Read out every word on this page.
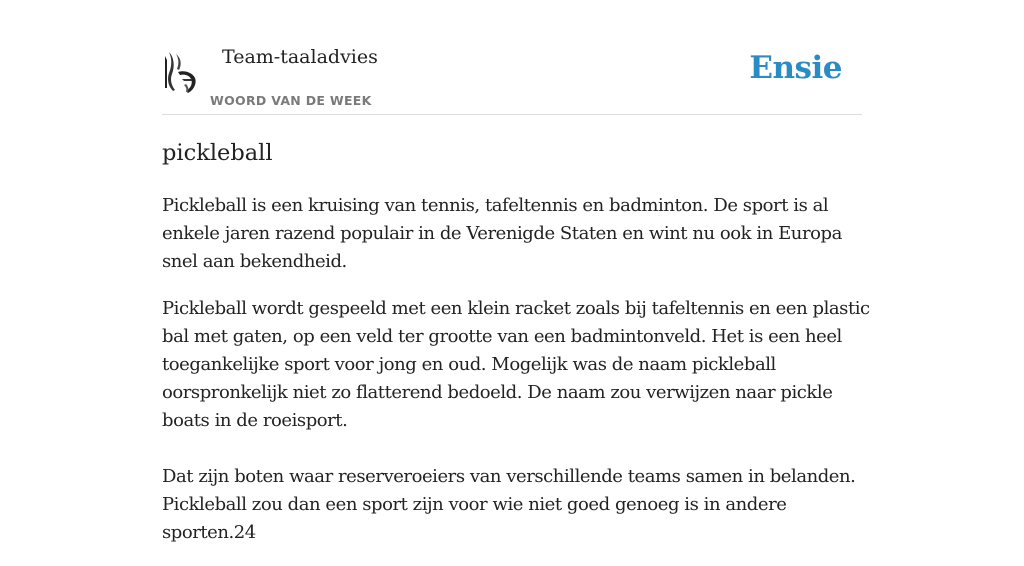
Team-taaladvies
WOORD VAN DE WEEK
Ensie
pickleball

Pickleball is een kruising van tennis, tafeltennis en badminton. De sport is al enkele jaren razend populair in de Verenigde Staten en wint nu ook in Europa snel aan bekendheid.

Pickleball wordt gespeeld met een klein racket zoals bij tafeltennis en een plastic bal met gaten, op een veld ter grootte van een badmintonveld. Het is een heel toegankelijke sport voor jong en oud. Mogelijk was de naam pickleball oorspronkelijk niet zo flatterend bedoeld. De naam zou verwijzen naar pickle boats in de roeisport.

Dat zijn boten waar reserveroeiers van verschillende teams samen in belanden. Pickleball zou dan een sport zijn voor wie niet goed genoeg is in andere sporten.24
